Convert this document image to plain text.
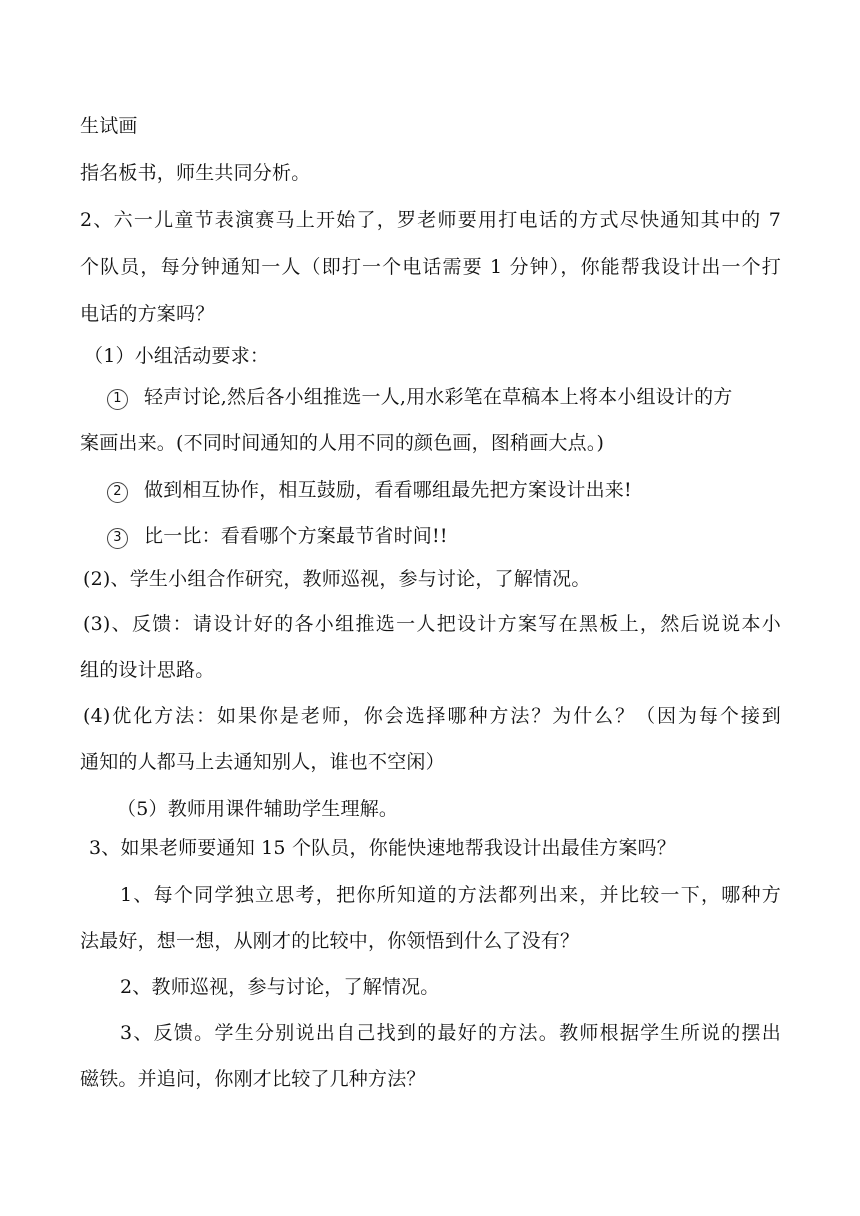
生试画
指名板书，师生共同分析。
2、六一儿童节表演赛马上开始了，罗老师要用打电话的方式尽快通知其中的 7
个队员，每分钟通知一人（即打一个电话需要 1 分钟），你能帮我设计出一个打
电话的方案吗？
（1）小组活动要求：
1 轻声讨论,然后各小组推选一人,用水彩笔在草稿本上将本小组设计的方
案画出来。(不同时间通知的人用不同的颜色画，图稍画大点。)
2 做到相互协作，相互鼓励，看看哪组最先把方案设计出来!
3 比一比：看看哪个方案最节省时间!!
(2)、学生小组合作研究，教师巡视，参与讨论，了解情况。
(3)、反馈：请设计好的各小组推选一人把设计方案写在黑板上，然后说说本小
组的设计思路。
(4)优化方法：如果你是老师，你会选择哪种方法？为什么？（因为每个接到
通知的人都马上去通知别人，谁也不空闲）
（5）教师用课件辅助学生理解。
3、如果老师要通知 15 个队员，你能快速地帮我设计出最佳方案吗？
1、每个同学独立思考，把你所知道的方法都列出来，并比较一下，哪种方
法最好，想一想，从刚才的比较中，你领悟到什么了没有？
2、教师巡视，参与讨论，了解情况。
3、反馈。学生分别说出自己找到的最好的方法。教师根据学生所说的摆出
磁铁。并追问，你刚才比较了几种方法？
